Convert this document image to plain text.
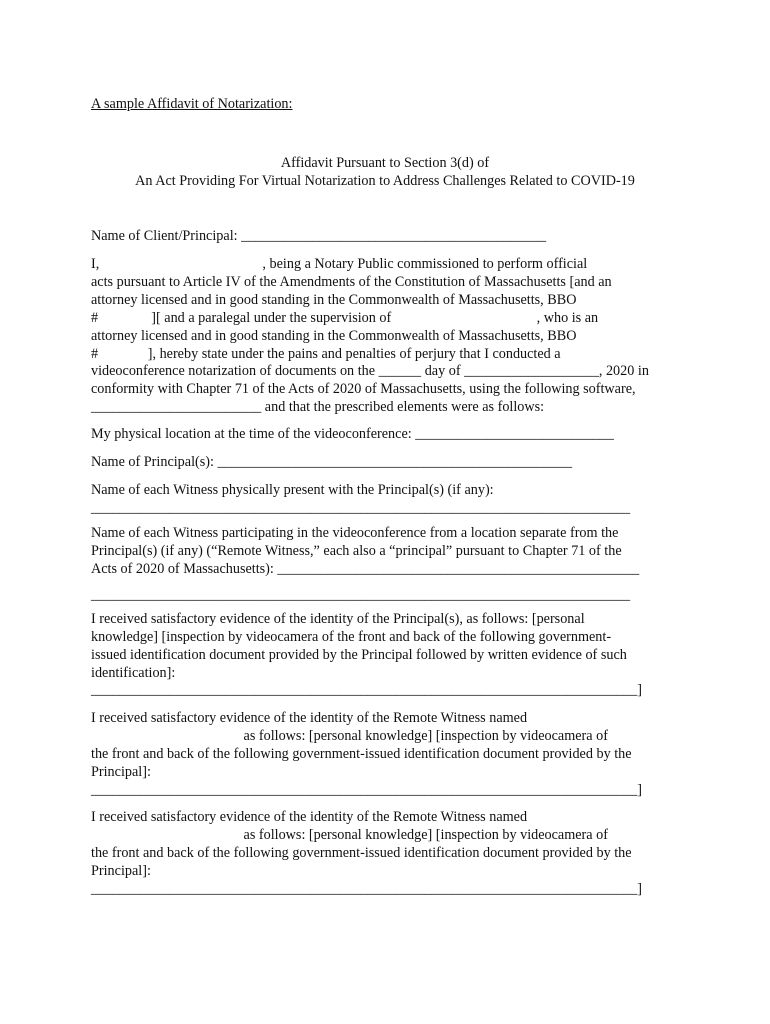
A sample Affidavit of Notarization:
Affidavit Pursuant to Section 3(d) of
An Act Providing For Virtual Notarization to Address Challenges Related to COVID-19
Name of Client/Principal: ___________________________________________
I,                                              , being a Notary Public commissioned to perform official
acts pursuant to Article IV of the Amendments of the Constitution of Massachusetts [and an
attorney licensed and in good standing in the Commonwealth of Massachusetts, BBO
#               ][ and a paralegal under the supervision of                                         , who is an
attorney licensed and in good standing in the Commonwealth of Massachusetts, BBO
#              ], hereby state under the pains and penalties of perjury that I conducted a
videoconference notarization of documents on the ______ day of ___________________, 2020 in
conformity with Chapter 71 of the Acts of 2020 of Massachusetts, using the following software,
________________________ and that the prescribed elements were as follows:
My physical location at the time of the videoconference: ____________________________
Name of Principal(s): __________________________________________________
Name of each Witness physically present with the Principal(s) (if any):
____________________________________________________________________________
Name of each Witness participating in the videoconference from a location separate from the
Principal(s) (if any) (“Remote Witness,” each also a “principal” pursuant to Chapter 71 of the
Acts of 2020 of Massachusetts): ___________________________________________________
____________________________________________________________________________
I received satisfactory evidence of the identity of the Principal(s), as follows: [personal
knowledge] [inspection by videocamera of the front and back of the following government-
issued identification document provided by the Principal followed by written evidence of such
identification]:
_____________________________________________________________________________]
I received satisfactory evidence of the identity of the Remote Witness named
as follows: [personal knowledge] [inspection by videocamera of
the front and back of the following government-issued identification document provided by the
Principal]:
_____________________________________________________________________________]
I received satisfactory evidence of the identity of the Remote Witness named
as follows: [personal knowledge] [inspection by videocamera of
the front and back of the following government-issued identification document provided by the
Principal]:
_____________________________________________________________________________]
